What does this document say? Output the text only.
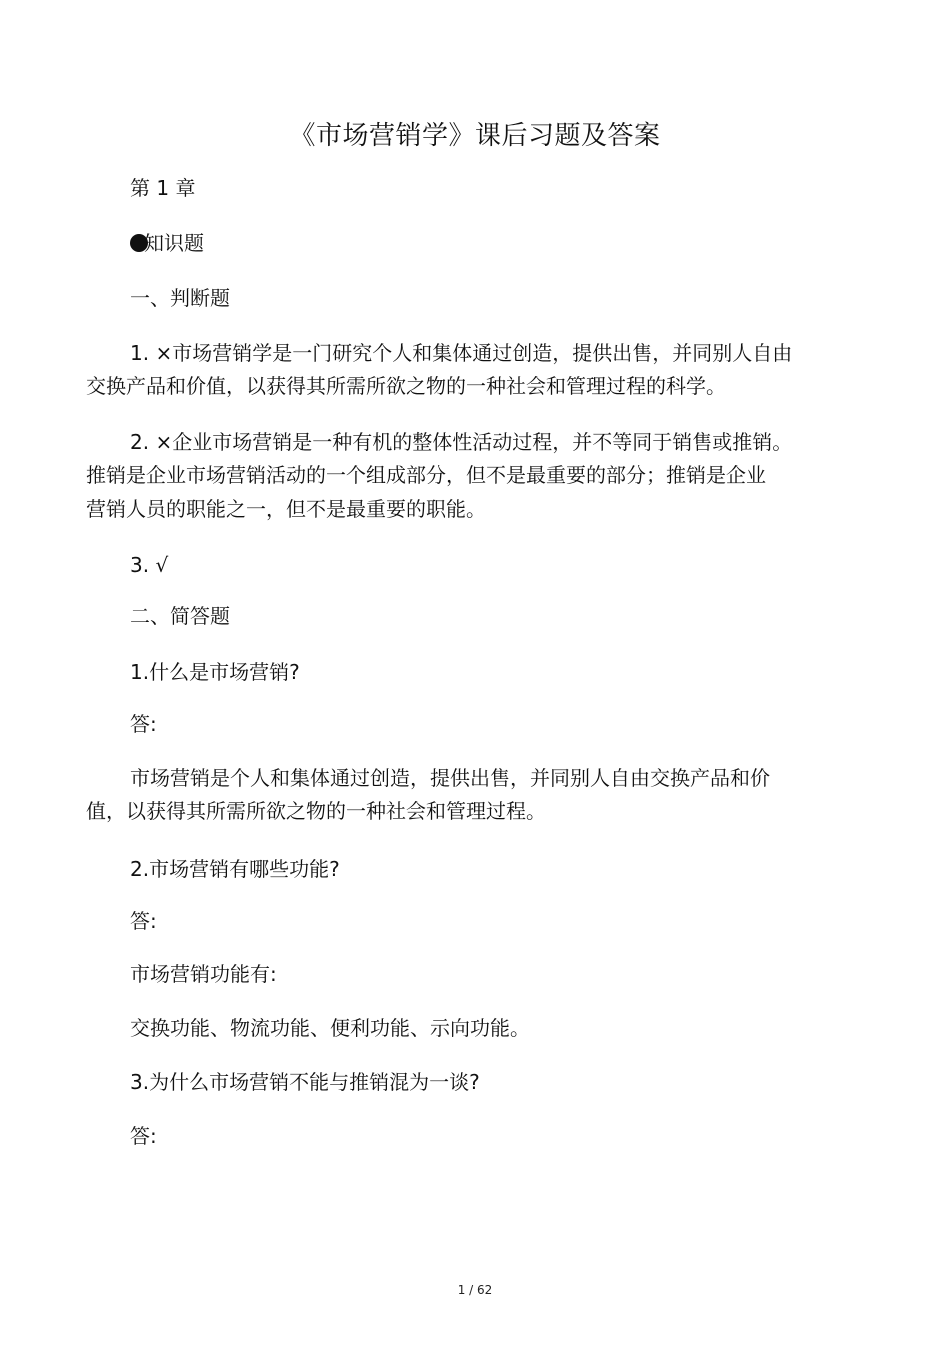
《市场营销学》课后习题及答案
第 1 章
知识题
一、判断题
1. ×市场营销学是一门研究个人和集体通过创造，提供出售，并同别人自由
交换产品和价值，以获得其所需所欲之物的一种社会和管理过程的科学。
2. ×企业市场营销是一种有机的整体性活动过程，并不等同于销售或推销。
推销是企业市场营销活动的一个组成部分，但不是最重要的部分；推销是企业
营销人员的职能之一，但不是最重要的职能。
3. √
二、简答题
1.什么是市场营销?
答:
市场营销是个人和集体通过创造，提供出售，并同别人自由交换产品和价
值，以获得其所需所欲之物的一种社会和管理过程。
2.市场营销有哪些功能?
答:
市场营销功能有:
交换功能、物流功能、便利功能、示向功能。
3.为什么市场营销不能与推销混为一谈?
答:
1 / 62
